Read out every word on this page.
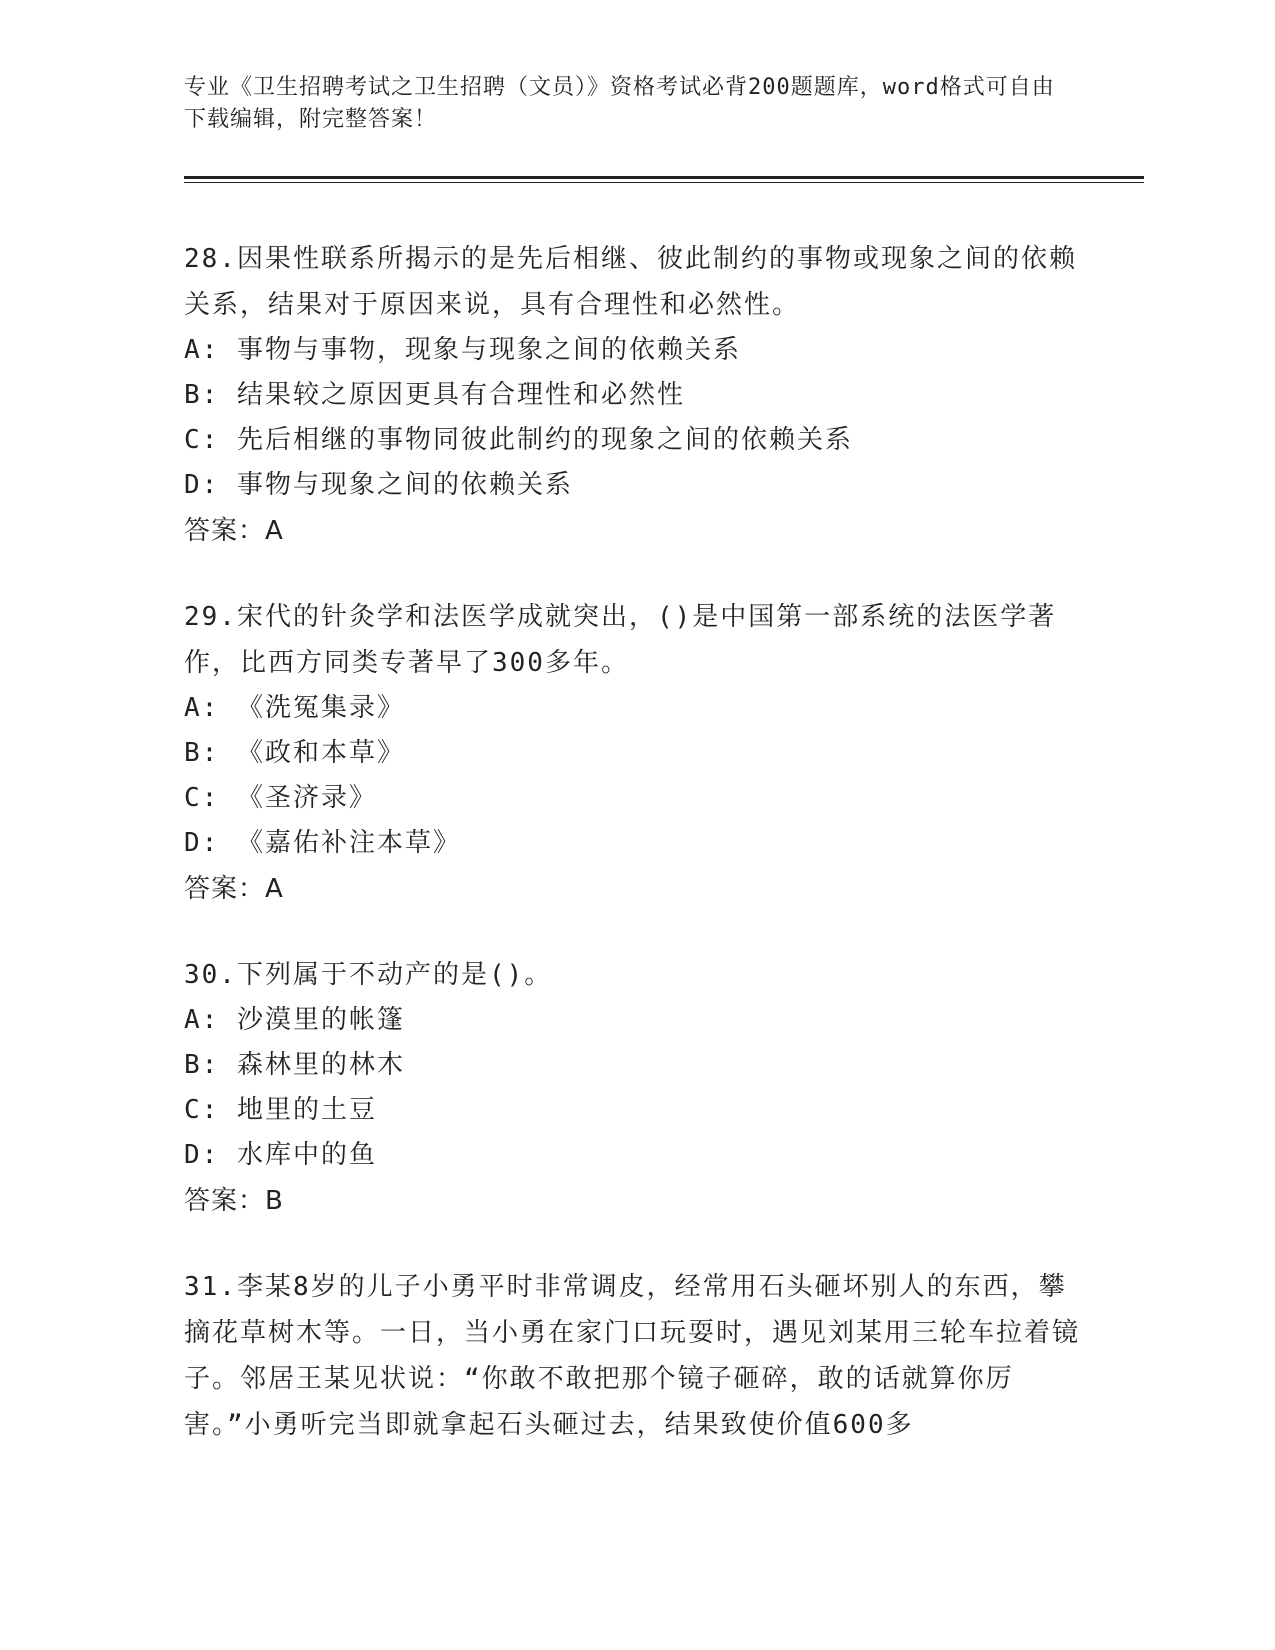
专业《卫生招聘考试之卫生招聘（文员）》资格考试必背200题题库，word格式可自由下载编辑，附完整答案！

28.因果性联系所揭示的是先后相继、彼此制约的事物或现象之间的依赖关系，结果对于原因来说，具有合理性和必然性。

A: 事物与事物，现象与现象之间的依赖关系

B: 结果较之原因更具有合理性和必然性

C: 先后相继的事物同彼此制约的现象之间的依赖关系

D: 事物与现象之间的依赖关系

答案：A

29.宋代的针灸学和法医学成就突出，()是中国第一部系统的法医学著作，比西方同类专著早了300多年。

A: 《洗冤集录》

B: 《政和本草》

C: 《圣济录》

D: 《嘉佑补注本草》

答案：A

30.下列属于不动产的是()。

A: 沙漠里的帐篷

B: 森林里的林木

C: 地里的土豆

D: 水库中的鱼

答案：B

31.李某8岁的儿子小勇平时非常调皮，经常用石头砸坏别人的东西，攀摘花草树木等。一日，当小勇在家门口玩耍时，遇见刘某用三轮车拉着镜子。邻居王某见状说：“你敢不敢把那个镜子砸碎，敢的话就算你厉害。”小勇听完当即就拿起石头砸过去，结果致使价值600多
